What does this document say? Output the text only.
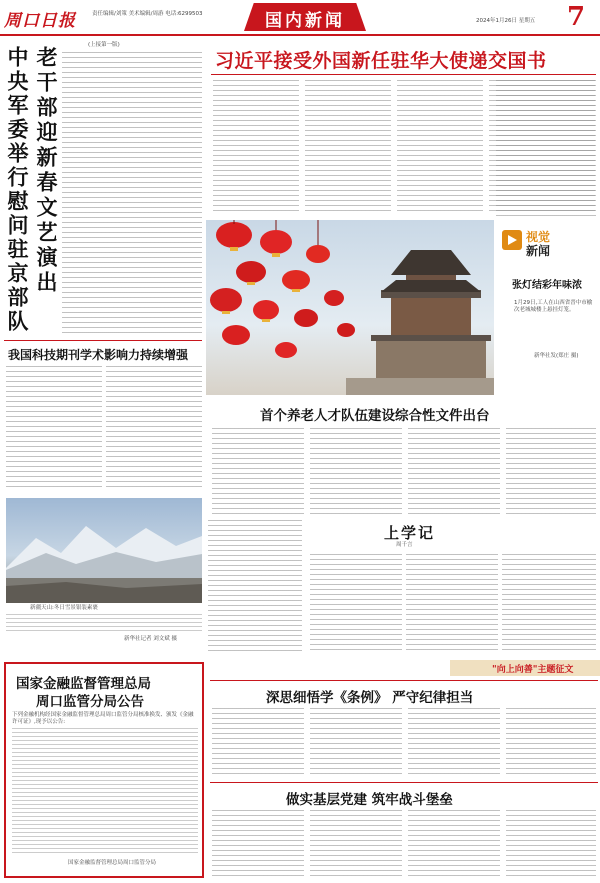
周口日报	责任编辑/刘策 美术编辑/周游 电话:6299503	国内新闻	2024年1月26日 星期五 7
老干部迎新春文艺演出
中央军委举行慰问驻京部队
(上接第一版)
习近平接受外国新任驻华大使递交国书
视觉
新闻
张灯结彩年味浓
1月29日,工人在山西省晋中市榆次老城城楼上悬挂灯笼。
新华社发(郑庄 摄)
我国科技期刊学术影响力持续增强
首个养老人才队伍建设综合性文件出台
新疆天山:冬日雪景银装素裹
新华社记者 刘文斌 摄
上学记
周千言
"向上向善"主题征文
国家金融监督管理总局
周口监管分局公告
下列金融机构经国家金融监督管理总局周口监管分局核准换发、颁发《金融许可证》,现予以公告:
国家金融监督管理总局周口监管分局
深思细悟学《条例》 严守纪律担当
做实基层党建 筑牢战斗堡垒
